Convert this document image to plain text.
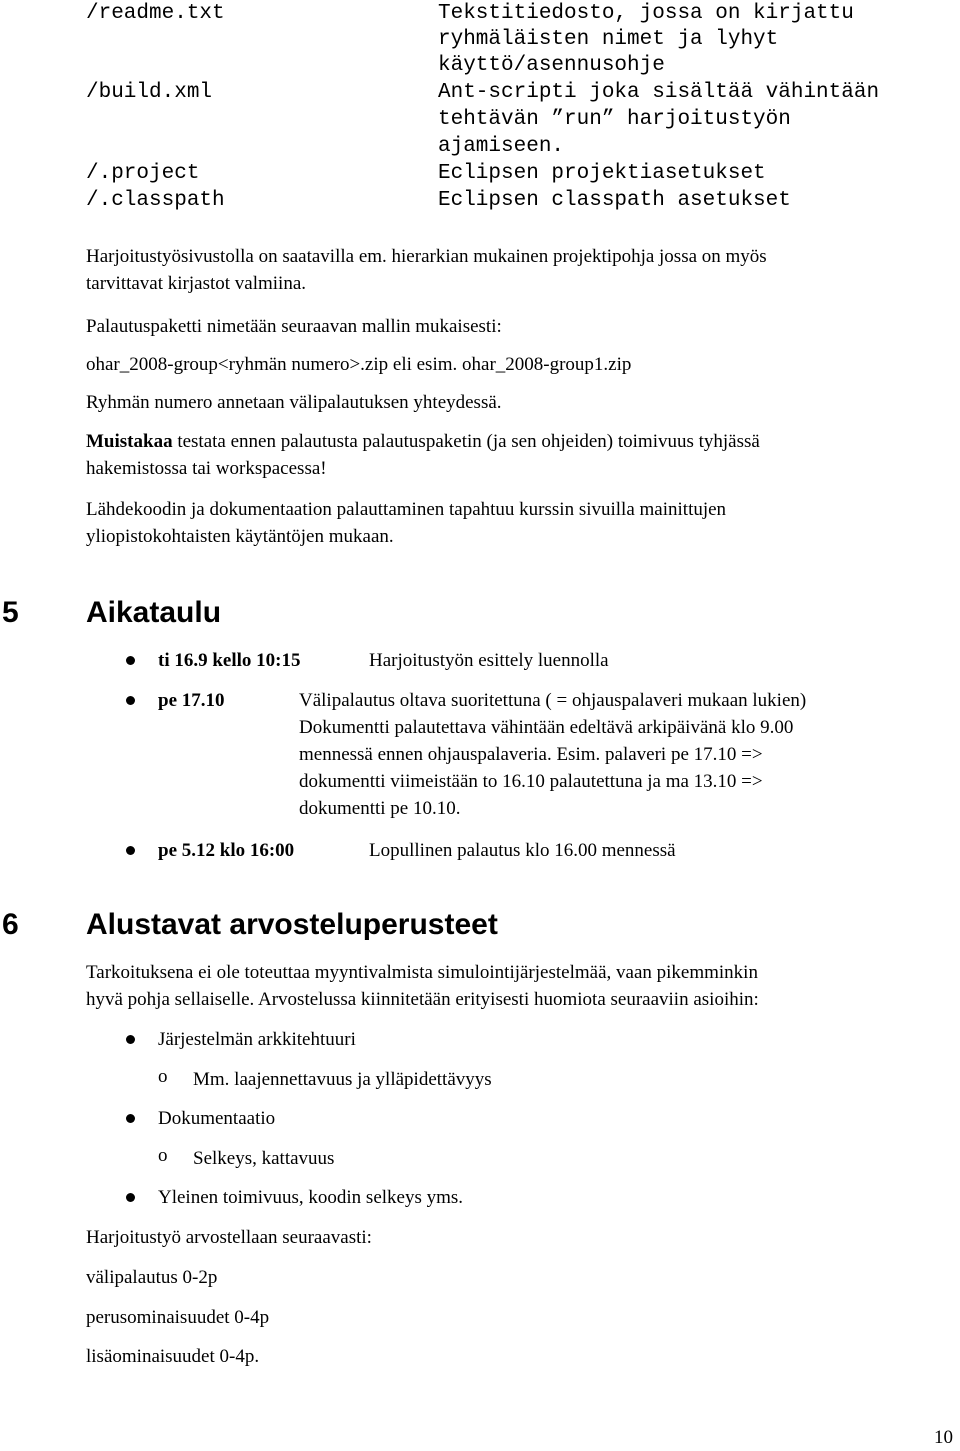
/readme.txt	Tekstitiedosto, jossa on kirjattu
ryhmäläisten nimet ja lyhyt
käyttö/asennusohje
/build.xml	Ant-scripti joka sisältää vähintään
tehtävän ”run” harjoitustyön
ajamiseen.
/.project	Eclipsen projektiasetukset
/.classpath	Eclipsen classpath asetukset
Harjoitustyösivustolla on saatavilla em. hierarkian mukainen projektipohja jossa on myös
tarvittavat kirjastot valmiina.
Palautuspaketti nimetään seuraavan mallin mukaisesti:
ohar_2008-group<ryhmän numero>.zip eli esim. ohar_2008-group1.zip
Ryhmän numero annetaan välipalautuksen yhteydessä.
Muistakaa testata ennen palautusta palautuspaketin (ja sen ohjeiden) toimivuus tyhjässä
hakemistossa tai workspacessa!
Lähdekoodin ja dokumentaation palauttaminen tapahtuu kurssin sivuilla mainittujen
yliopistokohtaisten käytäntöjen mukaan.
5 Aikataulu
ti 16.9 kello 10:15	Harjoitustyön esittely luennolla
pe 17.10	Välipalautus oltava suoritettuna ( = ohjauspalaveri mukaan lukien)
Dokumentti palautettava vähintään edeltävä arkipäivänä klo 9.00
mennessä ennen ohjauspalaveria. Esim. palaveri pe 17.10 =>
dokumentti viimeistään to 16.10 palautettuna ja ma 13.10 =>
dokumentti pe 10.10.
pe 5.12 klo 16:00	Lopullinen palautus klo 16.00 mennessä
6 Alustavat arvosteluperusteet
Tarkoituksena ei ole toteuttaa myyntivalmista simulointijärjestelmää, vaan pikemminkin
hyvä pohja sellaiselle. Arvostelussa kiinnitetään erityisesti huomiota seuraaviin asioihin:
Järjestelmän arkkitehtuuri
o Mm. laajennettavuus ja ylläpidettävyys
Dokumentaatio
o Selkeys, kattavuus
Yleinen toimivuus, koodin selkeys yms.
Harjoitustyö arvostellaan seuraavasti:
välipalautus 0-2p
perusominaisuudet 0-4p
lisäominaisuudet 0-4p.
10
